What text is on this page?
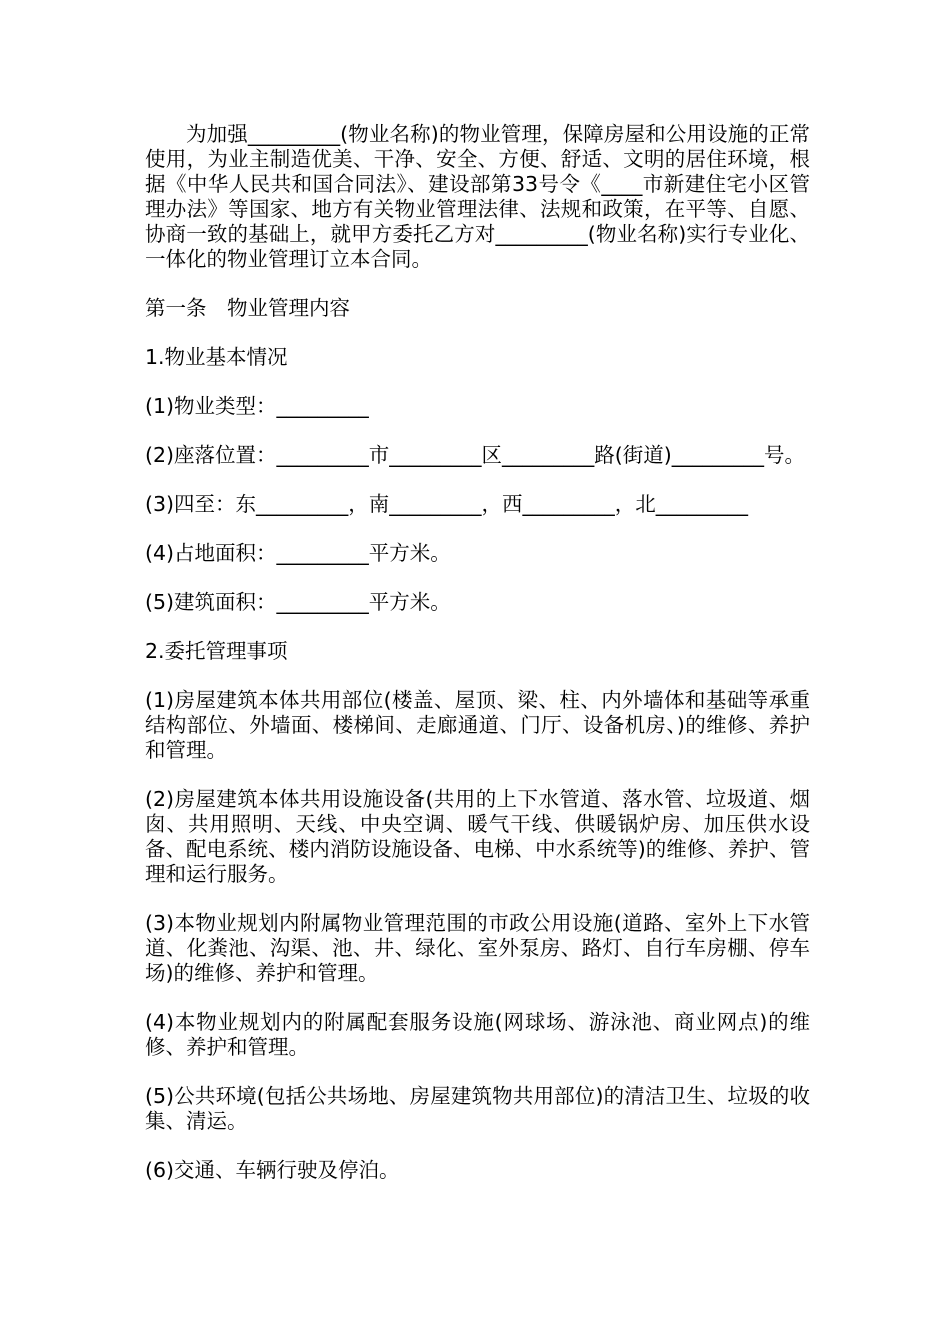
为加强_________(物业名称)的物业管理，保障房屋和公用设施的正常使用，为业主制造优美、干净、安全、方便、舒适、文明的居住环境，根据《中华人民共和国合同法》、建设部第33号令《____市新建住宅小区管理办法》等国家、地方有关物业管理法律、法规和政策，在平等、自愿、协商一致的基础上，就甲方委托乙方对_________(物业名称)实行专业化、一体化的物业管理订立本合同。

第一条　物业管理内容

1.物业基本情况

(1)物业类型：_________

(2)座落位置：_________市_________区_________路(街道)_________号。

(3)四至：东_________，南_________，西_________，北_________

(4)占地面积：_________平方米。

(5)建筑面积：_________平方米。

2.委托管理事项

(1)房屋建筑本体共用部位(楼盖、屋顶、梁、柱、内外墙体和基础等承重结构部位、外墙面、楼梯间、走廊通道、门厅、设备机房、)的维修、养护和管理。

(2)房屋建筑本体共用设施设备(共用的上下水管道、落水管、垃圾道、烟囱、共用照明、天线、中央空调、暖气干线、供暖锅炉房、加压供水设备、配电系统、楼内消防设施设备、电梯、中水系统等)的维修、养护、管理和运行服务。

(3)本物业规划内附属物业管理范围的市政公用设施(道路、室外上下水管道、化粪池、沟渠、池、井、绿化、室外泵房、路灯、自行车房棚、停车场)的维修、养护和管理。

(4)本物业规划内的附属配套服务设施(网球场、游泳池、商业网点)的维修、养护和管理。

(5)公共环境(包括公共场地、房屋建筑物共用部位)的清洁卫生、垃圾的收集、清运。

(6)交通、车辆行驶及停泊。
